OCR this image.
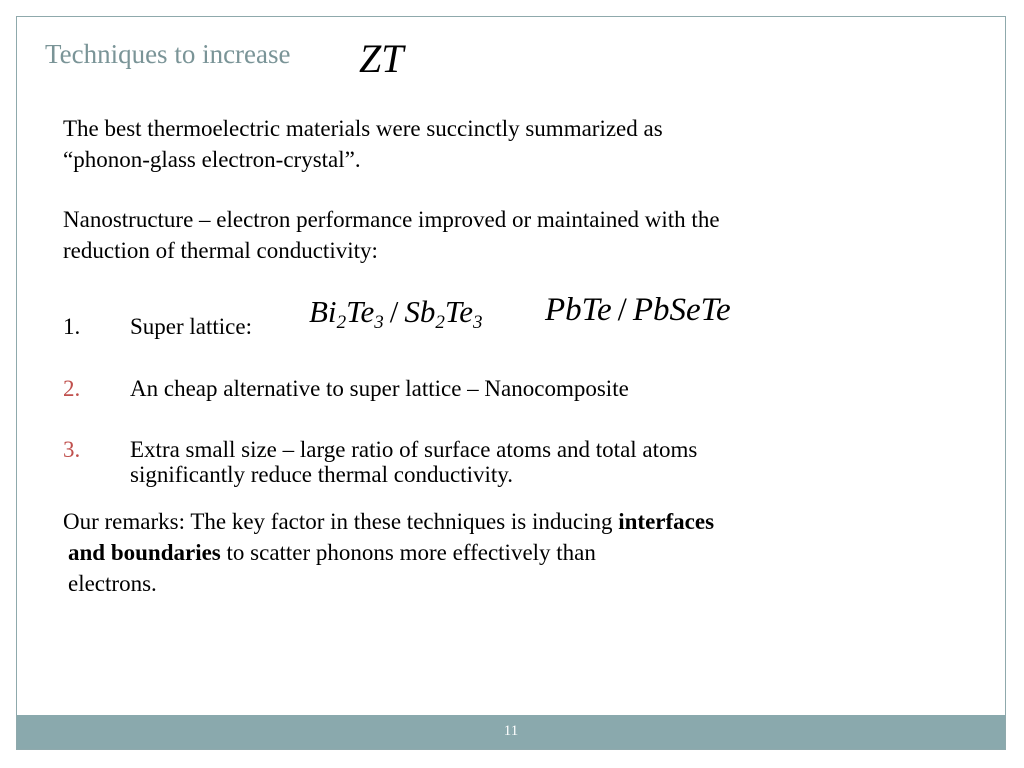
Techniques to increase ZT
The best thermoelectric materials were succinctly summarized as
“phonon-glass electron-crystal”.
Nanostructure – electron performance improved or maintained with the
reduction of thermal conductivity:
1.	Super lattice: $Bi_2Te_3 / Sb_2Te_3$ PbTe / PbSeTe
2.	An cheap alternative to super lattice – Nanocomposite
3.	Extra small size – large ratio of surface atoms and total atoms
significantly reduce thermal conductivity.
Our remarks: The key factor in these techniques is inducing interfaces
and boundaries to scatter phonons more effectively than
electrons.
11
